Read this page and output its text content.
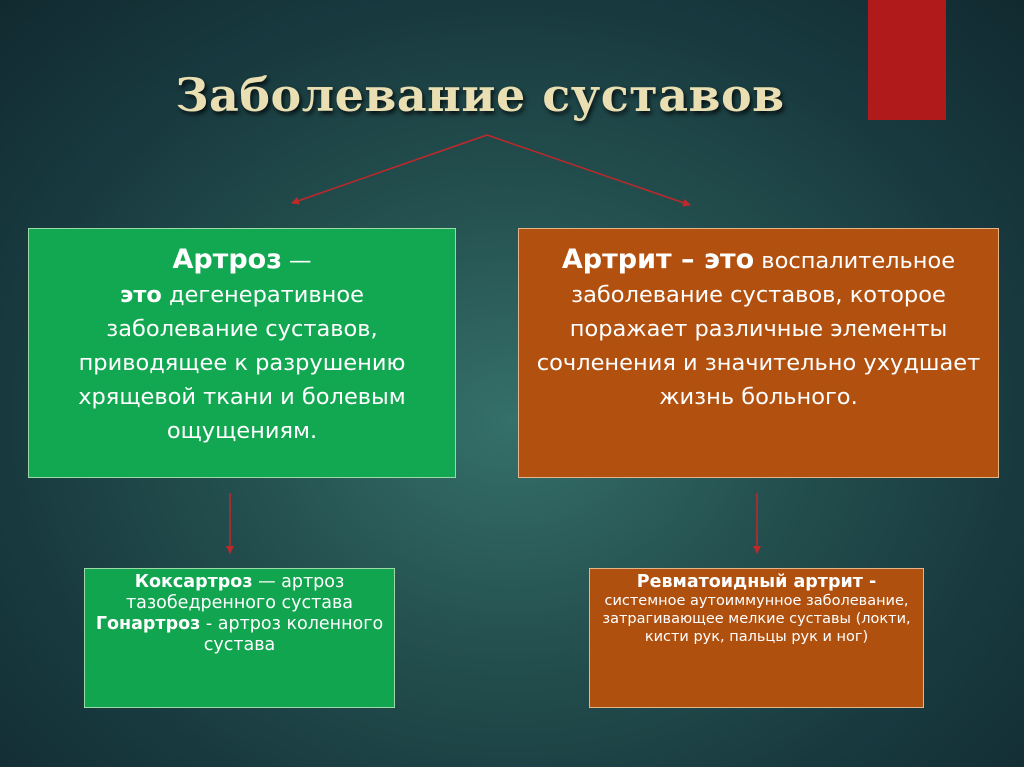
Заболевание суставов
Артроз —
это дегенеративное заболевание суставов, приводящее к разрушению хрящевой ткани и болевым ощущениям.
Артрит – это воспалительное заболевание суставов, которое поражает различные элементы сочленения и значительно ухудшает жизнь больного.
Коксартроз — артроз тазобедренного сустава
Гонартроз - артроз коленного сустава
Ревматоидный артрит -
системное аутоиммунное заболевание, затрагивающее мелкие суставы (локти, кисти рук, пальцы рук и ног)
